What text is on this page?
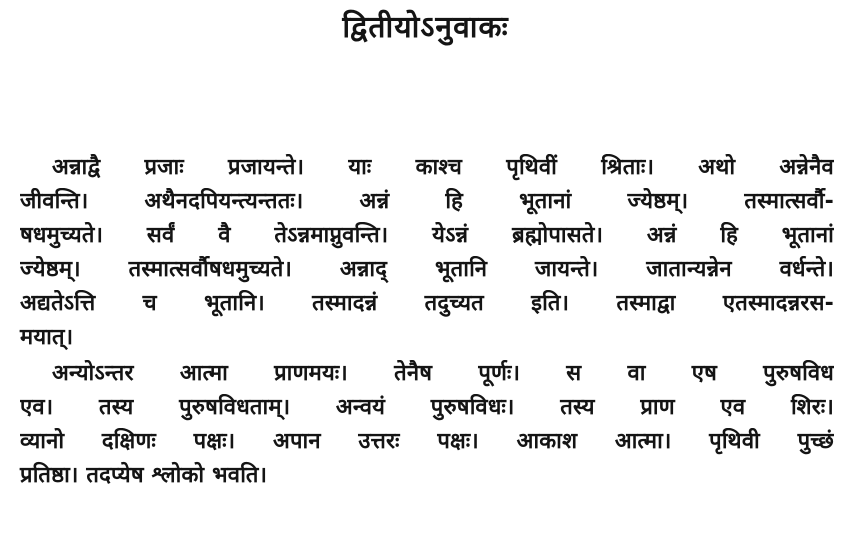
द्वितीयोऽनुवाकः
अन्नाद्वै प्रजाः प्रजायन्ते। याः काश्च पृथिवीं श्रिताः। अथो अन्नेनैव
जीवन्ति। अथैनदपियन्त्यन्ततः। अन्नं हि भूतानां ज्येष्ठम्। तस्मात्सर्वौ-
षधमुच्यते। सर्वं वै तेऽन्नमाप्नुवन्ति। येऽन्नं ब्रह्मोपासते। अन्नं हि भूतानां
ज्येष्ठम्। तस्मात्सर्वौषधमुच्यते। अन्नाद् भूतानि जायन्ते। जातान्यन्नेन वर्धन्ते।
अद्यतेऽत्ति च भूतानि। तस्मादन्नं तदुच्यत इति। तस्माद्वा एतस्मादन्नरस-
मयात्।
अन्योऽन्तर आत्मा प्राणमयः। तेनैष पूर्णः। स वा एष पुरुषविध
एव। तस्य पुरुषविधताम्। अन्वयं पुरुषविधः। तस्य प्राण एव शिरः।
व्यानो दक्षिणः पक्षः। अपान उत्तरः पक्षः। आकाश आत्मा। पृथिवी पुच्छं
प्रतिष्ठा। तदप्येष श्लोको भवति।
